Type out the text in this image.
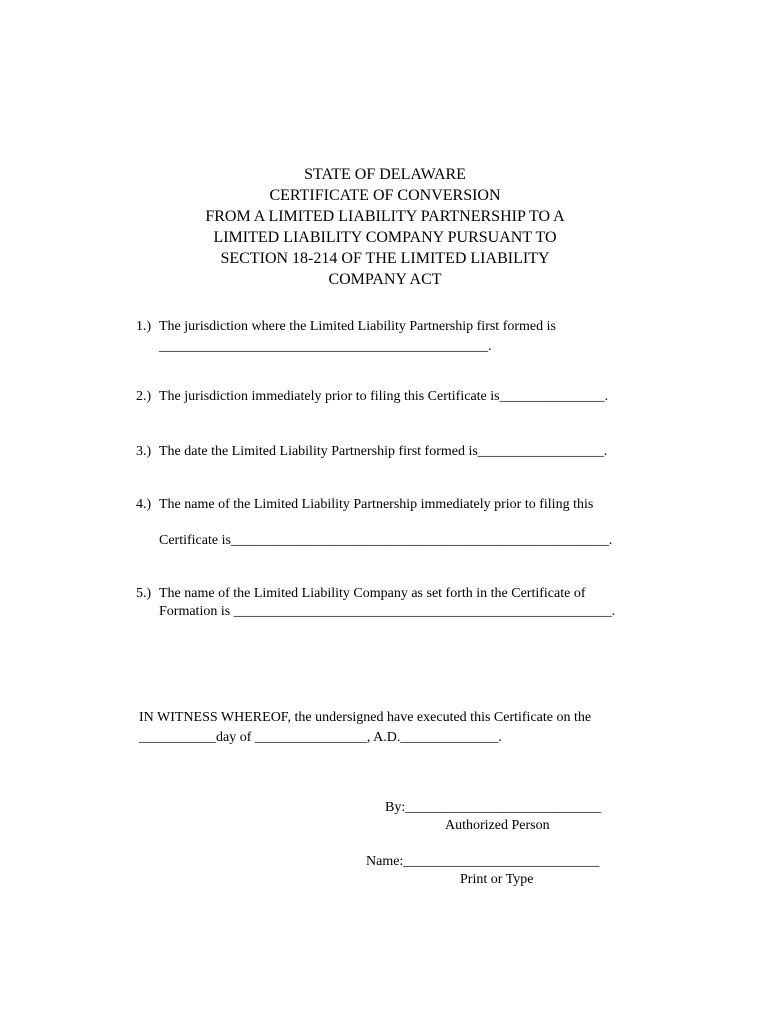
STATE OF DELAWARE
CERTIFICATE OF CONVERSION
FROM A LIMITED LIABILITY PARTNERSHIP TO A
LIMITED LIABILITY COMPANY PURSUANT TO
SECTION 18-214 OF THE LIMITED LIABILITY
COMPANY ACT
1.) The jurisdiction where the Limited Liability Partnership first formed is
_______________________________________________.
2.) The jurisdiction immediately prior to filing this Certificate is_______________.
3.) The date the Limited Liability Partnership first formed is__________________.
4.) The name of the Limited Liability Partnership immediately prior to filing this
Certificate is______________________________________________________.
5.) The name of the Limited Liability Company as set forth in the Certificate of
Formation is ______________________________________________________.
IN WITNESS WHEREOF, the undersigned have executed this Certificate on the
___________day of ________________, A.D.______________.
By:____________________________
Authorized Person
Name:____________________________
Print or Type
